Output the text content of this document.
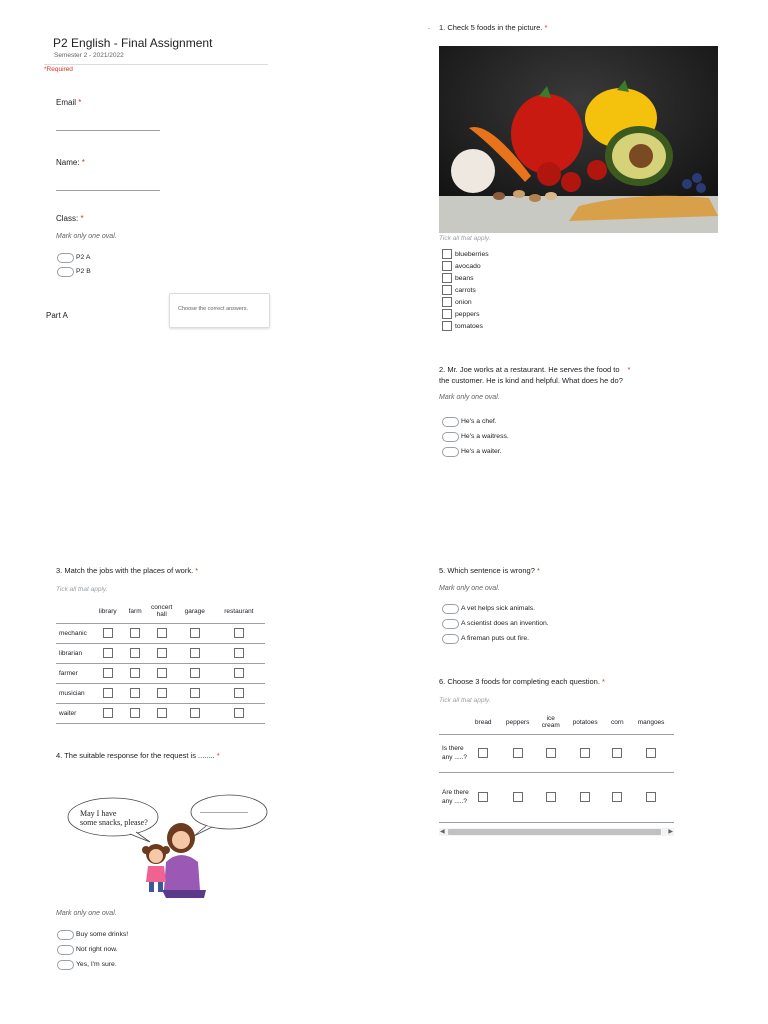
P2 English - Final Assignment
Semester 2 - 2021/2022
*Required
Email *
Name: *
Class: *
Mark only one oval.
P2 A
P2 B
Part A
Choose the correct answers.
3. Match the jobs with the places of work. *
Tick all that apply.
	library	farm	concert hall	garage	restaurant
mechanic					
librarian					
farmer					
musician					
waiter					
4. The suitable response for the request is ........ *
May I have
some snacks, please?
........................
Mark only one oval.
Buy some drinks!
Not right now.
Yes, I'm sure.
. 1. Check 5 foods in the picture. *
Tick all that apply.
blueberries
avocado
beans
carrots
onion
peppers
tomatoes
2. Mr. Joe works at a restaurant. He serves the food to *
the customer. He is kind and helpful. What does he do?
Mark only one oval.
He's a chef.
He's a waitress.
He's a waiter.
5. Which sentence is wrong? *
Mark only one oval.
A vet helps sick animals.
A scientist does an invention.
A fireman puts out fire.
6. Choose 3 foods for completing each question. *
Tick all that apply.
	bread	peppers	ice cream	potatoes	corn	mangoes
Is there any .....?						
Are there any .....?						
◀	▶
